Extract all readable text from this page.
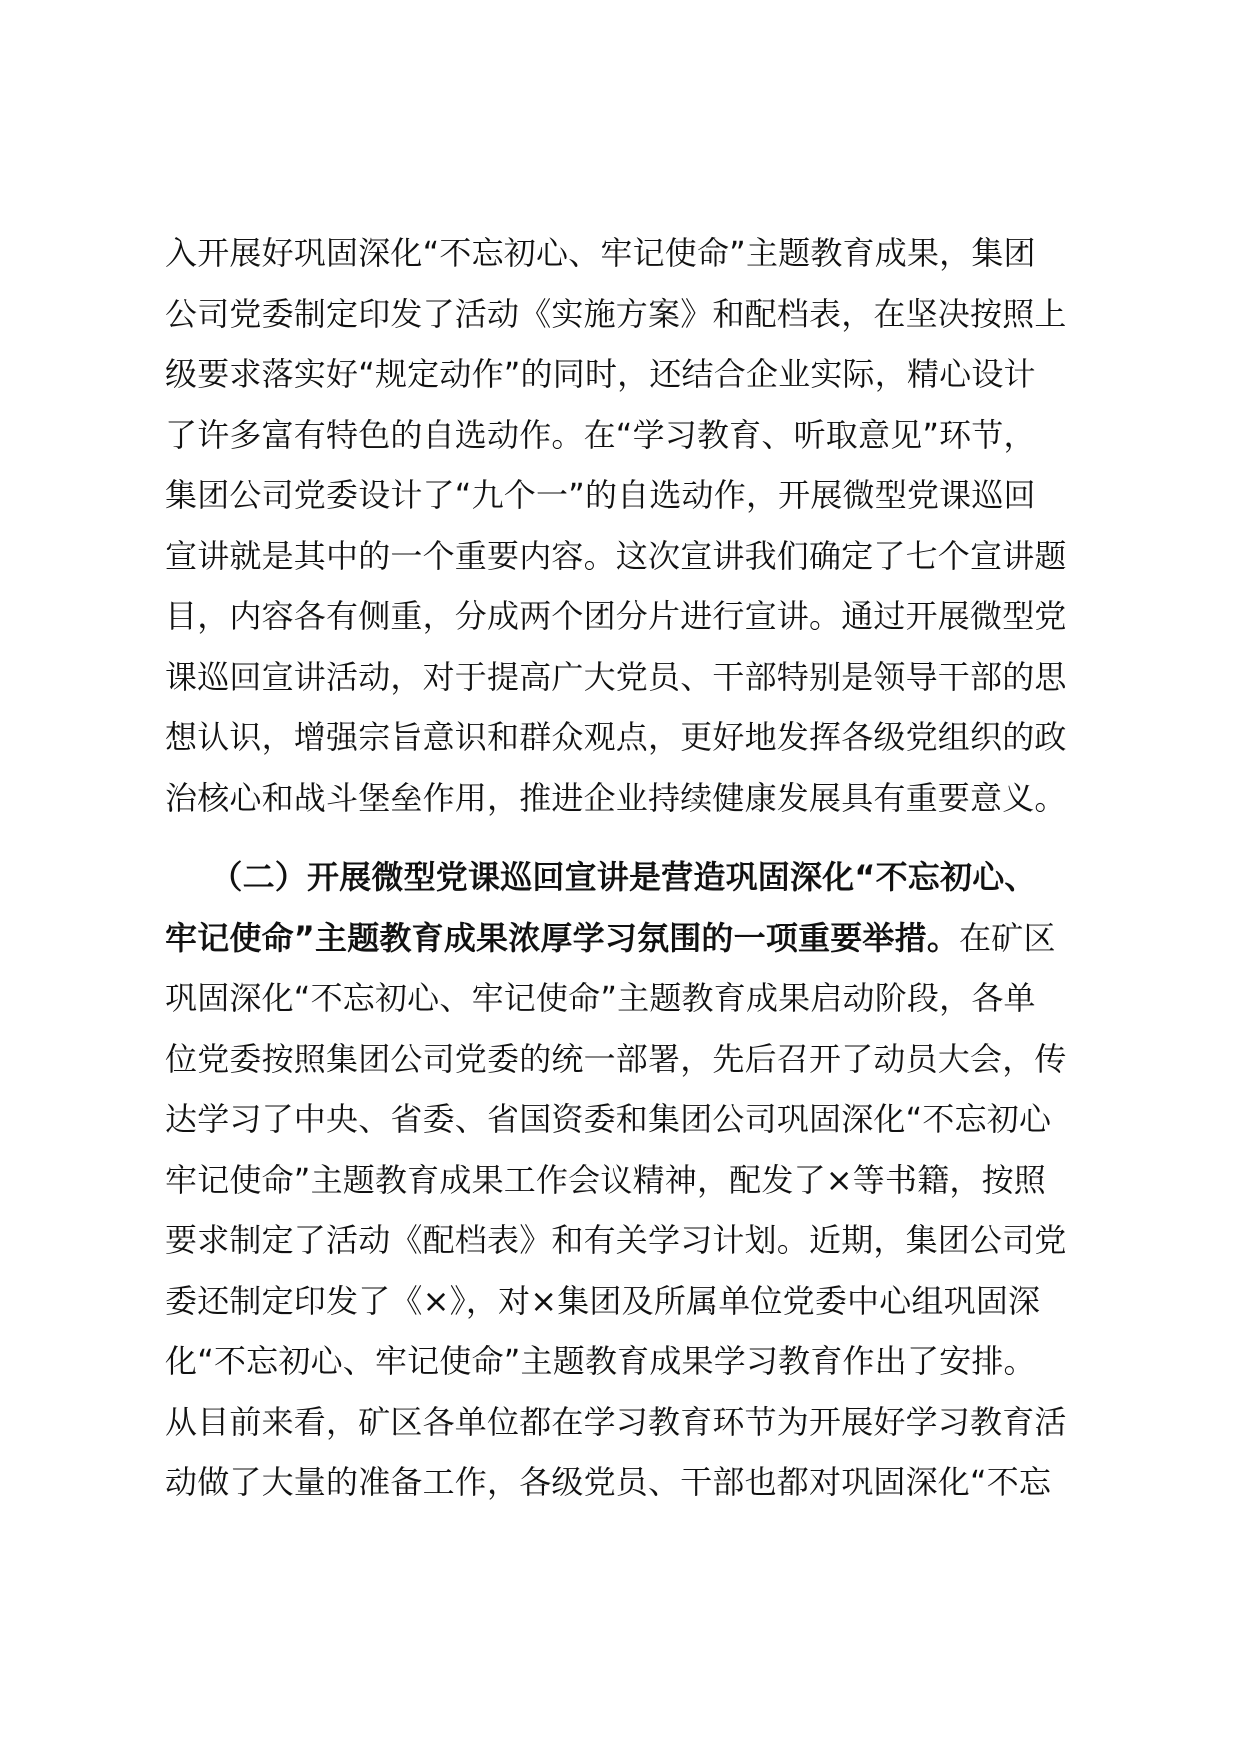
入开展好巩固深化“不忘初心、牢记使命”主题教育成果，集团
公司党委制定印发了活动《实施方案》和配档表，在坚决按照上
级要求落实好“规定动作”的同时，还结合企业实际，精心设计
了许多富有特色的自选动作。在“学习教育、听取意见”环节，
集团公司党委设计了“九个一”的自选动作，开展微型党课巡回
宣讲就是其中的一个重要内容。这次宣讲我们确定了七个宣讲题
目，内容各有侧重，分成两个团分片进行宣讲。通过开展微型党
课巡回宣讲活动，对于提高广大党员、干部特别是领导干部的思
想认识，增强宗旨意识和群众观点，更好地发挥各级党组织的政
治核心和战斗堡垒作用，推进企业持续健康发展具有重要意义。
（二）开展微型党课巡回宣讲是营造巩固深化“不忘初心、
牢记使命”主题教育成果浓厚学习氛围的一项重要举措。在矿区
巩固深化“不忘初心、牢记使命”主题教育成果启动阶段，各单
位党委按照集团公司党委的统一部署，先后召开了动员大会，传
达学习了中央、省委、省国资委和集团公司巩固深化“不忘初心
牢记使命”主题教育成果工作会议精神，配发了×等书籍，按照
要求制定了活动《配档表》和有关学习计划。近期，集团公司党
委还制定印发了《×》，对×集团及所属单位党委中心组巩固深
化“不忘初心、牢记使命”主题教育成果学习教育作出了安排。
从目前来看，矿区各单位都在学习教育环节为开展好学习教育活
动做了大量的准备工作，各级党员、干部也都对巩固深化“不忘
